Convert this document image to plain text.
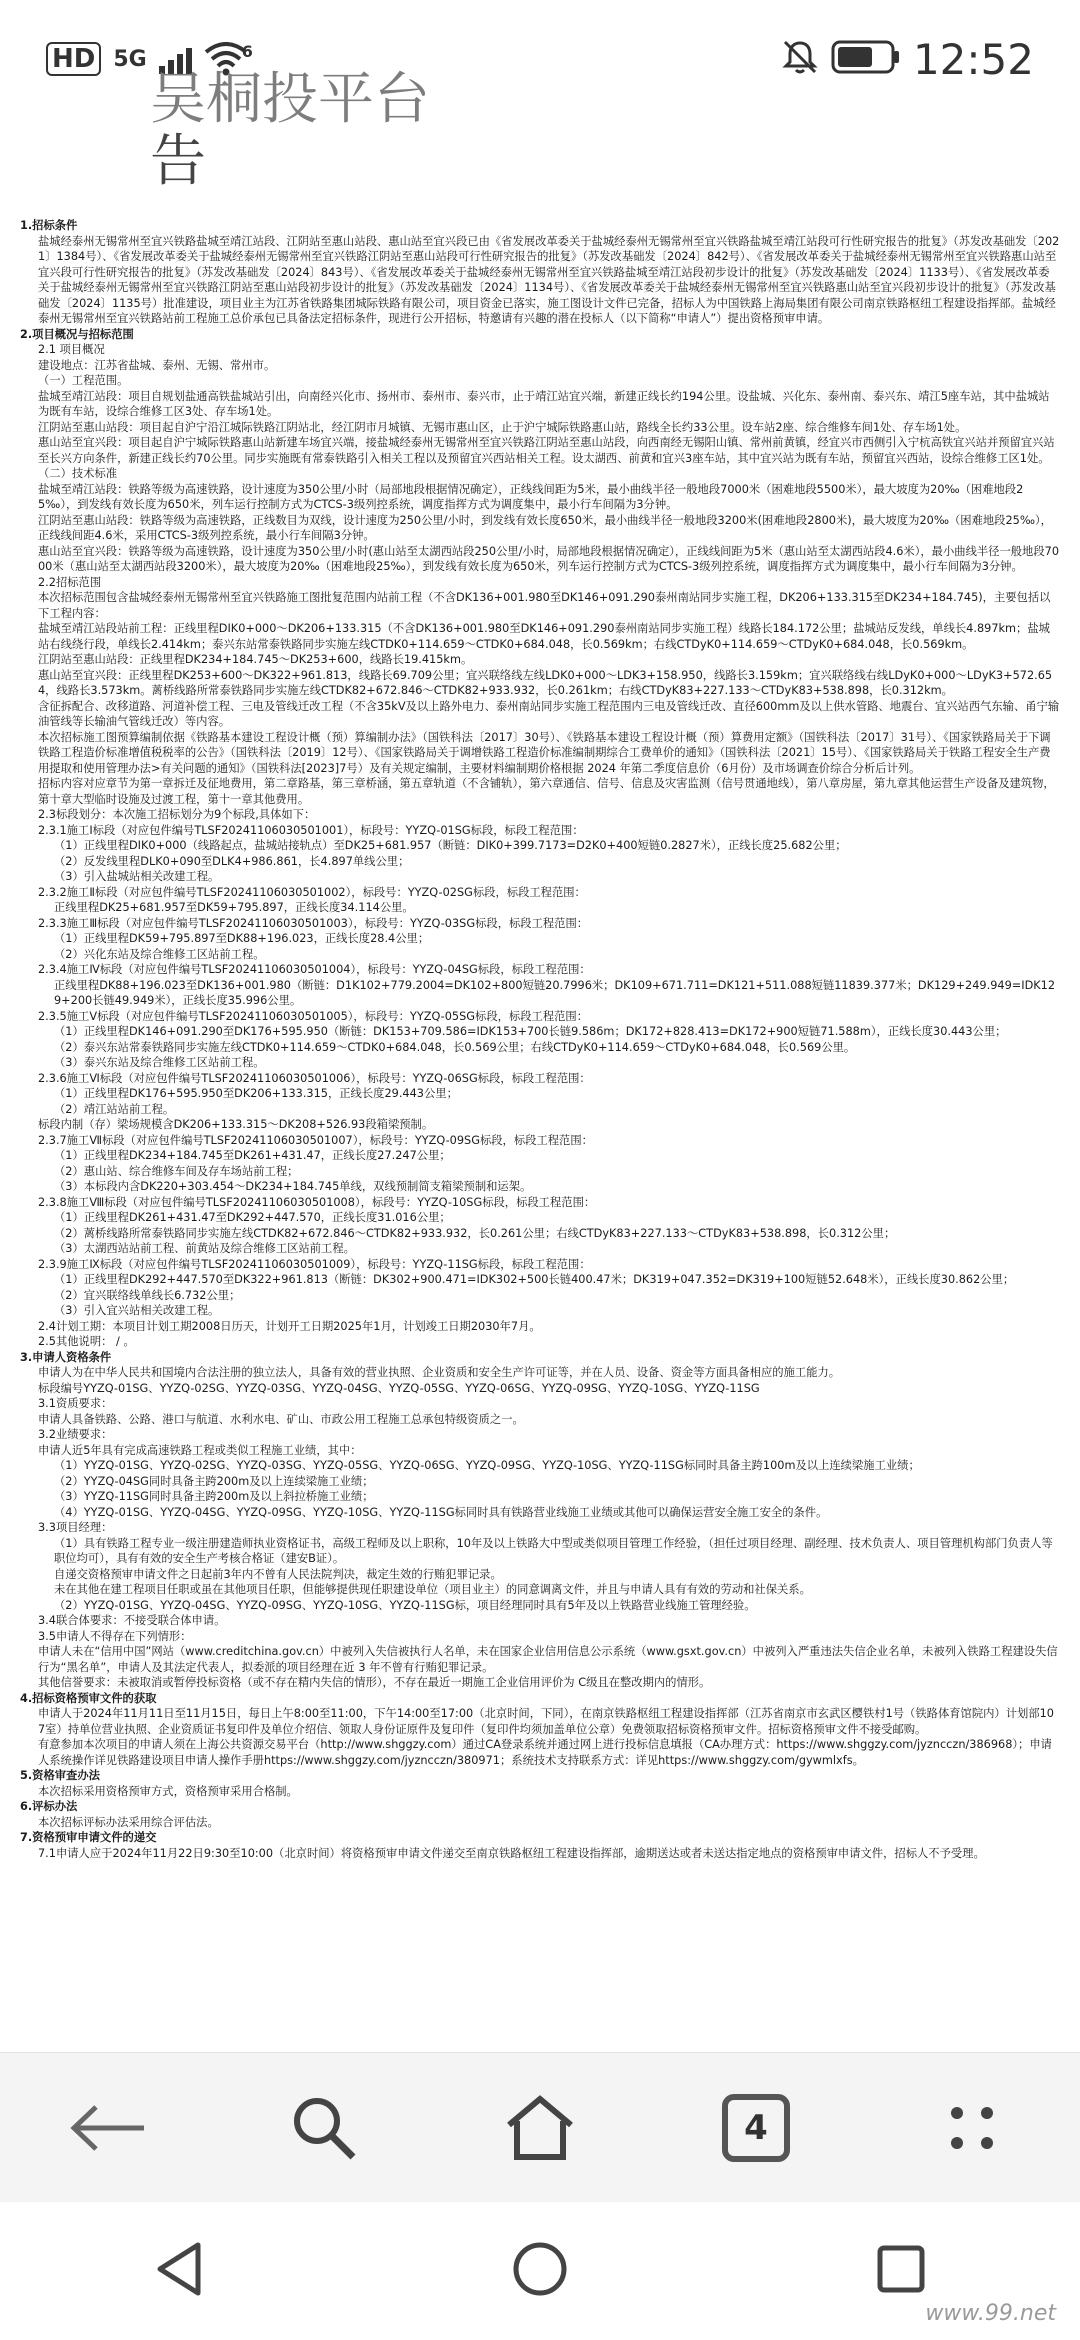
HD 5G	6	12:52
吴桐投平台
告

1.招标条件

盐城经泰州无锡常州至宜兴铁路盐城至靖江站段、江阴站至惠山站段、惠山站至宜兴段已由《省发展改革委关于盐城经泰州无锡常州至宜兴铁路盐城至靖江站段可行性研究报告的批复》（苏发改基础发〔2021〕1384号）、《省发展改革委关于盐城经泰州无锡常州至宜兴铁路江阴站至惠山站段可行性研究报告的批复》（苏发改基础发〔2024〕842号）、《省发展改革委关于盐城经泰州无锡常州至宜兴铁路惠山站至宜兴段可行性研究报告的批复》（苏发改基础发〔2024〕843号）、《省发展改革委关于盐城经泰州无锡常州至宜兴铁路盐城至靖江站段初步设计的批复》（苏发改基础发〔2024〕1133号）、《省发展改革委关于盐城经泰州无锡常州至宜兴铁路江阴站至惠山站段初步设计的批复》（苏发改基础发〔2024〕1134号）、《省发展改革委关于盐城经泰州无锡常州至宜兴铁路惠山站至宜兴段初步设计的批复》（苏发改基础发〔2024〕1135号）批准建设，项目业主为江苏省铁路集团城际铁路有限公司，项目资金已落实，施工图设计文件已完备，招标人为中国铁路上海局集团有限公司南京铁路枢纽工程建设指挥部。盐城经泰州无锡常州至宜兴铁路站前工程施工总价承包已具备法定招标条件，现进行公开招标，特邀请有兴趣的潜在投标人（以下简称“申请人”）提出资格预审申请。

2.项目概况与招标范围

2.1 项目概况

建设地点：江苏省盐城、泰州、无锡、常州市。

（一）工程范围。

盐城至靖江站段：项目自规划盐通高铁盐城站引出，向南经兴化市、扬州市、泰州市、泰兴市，止于靖江站宜兴端，新建正线长约194公里。设盐城、兴化东、泰州南、泰兴东、靖江5座车站，其中盐城站为既有车站，设综合维修工区3处、存车场1处。

江阴站至惠山站段：项目起自沪宁沿江城际铁路江阴站北，经江阴市月城镇、无锡市惠山区，止于沪宁城际铁路惠山站，路线全长约33公里。设车站2座、综合维修车间1处、存车场1处。

惠山站至宜兴段：项目起自沪宁城际铁路惠山站新建车场宜兴端，接盐城经泰州无锡常州至宜兴铁路江阴站至惠山站段，向西南经无锡阳山镇、常州前黄镇，经宜兴市西侧引入宁杭高铁宜兴站并预留宜兴站至长兴方向条件，新建正线长约70公里。同步实施既有常泰铁路引入相关工程以及预留宜兴西站相关工程。设太湖西、前黄和宜兴3座车站，其中宜兴站为既有车站，预留宜兴西站，设综合维修工区1处。

（二）技术标准

盐城至靖江站段：铁路等级为高速铁路，设计速度为350公里/小时（局部地段根据情况确定），正线线间距为5米，最小曲线半径一般地段7000米（困难地段5500米），最大坡度为20‰（困难地段25‰），到发线有效长度为650米，列车运行控制方式为CTCS-3级列控系统，调度指挥方式为调度集中，最小行车间隔为3分钟。

江阴站至惠山站段：铁路等级为高速铁路，正线数目为双线，设计速度为250公里/小时，到发线有效长度650米，最小曲线半径一般地段3200米(困难地段2800米)，最大坡度为20‰（困难地段25‰），正线线间距4.6米，采用CTCS-3级列控系统，最小行车间隔3分钟。

惠山站至宜兴段：铁路等级为高速铁路，设计速度为350公里/小时(惠山站至太湖西站段250公里/小时，局部地段根据情况确定），正线线间距为5米（惠山站至太湖西站段4.6米），最小曲线半径一般地段7000米（惠山站至太湖西站段3200米），最大坡度为20‰（困难地段25‰），到发线有效长度为650米，列车运行控制方式为CTCS-3级列控系统，调度指挥方式为调度集中，最小行车间隔为3分钟。

2.2招标范围

本次招标范围包含盐城经泰州无锡常州至宜兴铁路施工图批复范围内站前工程（不含DK136+001.980至DK146+091.290泰州南站同步实施工程，DK206+133.315至DK234+184.745)，主要包括以下工程内容：

盐城至靖江站段站前工程：正线里程DIK0+000～DK206+133.315（不含DK136+001.980至DK146+091.290泰州南站同步实施工程）线路长184.172公里；盐城站反发线，单线长4.897km；盐城站右线绕行段，单线长2.414km；泰兴东站常泰铁路同步实施左线CTDK0+114.659～CTDK0+684.048，长0.569km；右线CTDyK0+114.659～CTDyK0+684.048，长0.569km。

江阴站至惠山站段：正线里程DK234+184.745～DK253+600，线路长19.415km。

惠山站至宜兴段：正线里程DK253+600～DK322+961.813，线路长69.709公里；宜兴联络线左线LDK0+000～LDK3+158.950，线路长3.159km；宜兴联络线右线LDyK0+000～LDyK3+572.654，线路长3.573km。蓠桥线路所常泰铁路同步实施左线CTDK82+672.846～CTDK82+933.932，长0.261km；右线CTDyK83+227.133～CTDyK83+538.898，长0.312km。

含征拆配合、改移道路、河道补偿工程、三电及管线迁改工程（不含35kV及以上路外电力、泰州南站同步实施工程范围内三电及管线迁改、直径600mm及以上供水管路、地震台、宜兴站西气东输、甬宁输油管线等长输油气管线迁改）等内容。

本次招标施工图预算编制依据《铁路基本建设工程设计概（预）算编制办法》（国铁科法〔2017〕30号）、《铁路基本建设工程设计概（预）算费用定额》（国铁科法〔2017〕31号）、《国家铁路局关于下调铁路工程造价标准增值税税率的公告》（国铁科法〔2019〕12号）、《国家铁路局关于调增铁路工程造价标准编制期综合工费单价的通知》（国铁科法〔2021〕15号）、《国家铁路局关于铁路工程安全生产费用提取和使用管理办法>有关问题的通知》（国铁科法[2023]7号）及有关规定编制，主要材料编制期价格根据 2024 年第二季度信息价（6月份）及市场调查价综合分析后计列。

招标内容对应章节为第一章拆迁及征地费用，第二章路基，第三章桥涵，第五章轨道（不含铺轨），第六章通信、信号、信息及灾害监测（信号贯通地线），第八章房屋，第九章其他运营生产设备及建筑物，第十章大型临时设施及过渡工程，第十一章其他费用。

2.3标段划分：本次施工招标划分为9个标段,具体如下：

2.3.1施工Ⅰ标段（对应包件编号TLSF20241106030501001），标段号：YYZQ-01SG标段，标段工程范围：

（1）正线里程DIK0+000（线路起点，盐城站接轨点）至DK25+681.957（断链：DIK0+399.7173=D2K0+400短链0.2827米），正线长度25.682公里；

（2）反发线里程DLK0+090至DLK4+986.861，长4.897单线公里；

（3）引入盐城站相关改建工程。

2.3.2施工Ⅱ标段（对应包件编号TLSF20241106030501002），标段号：YYZQ-02SG标段，标段工程范围：

正线里程DK25+681.957至DK59+795.897，正线长度34.114公里。

2.3.3施工Ⅲ标段（对应包件编号TLSF20241106030501003），标段号：YYZQ-03SG标段，标段工程范围：

（1）正线里程DK59+795.897至DK88+196.023，正线长度28.4公里；

（2）兴化东站及综合维修工区站前工程。

2.3.4施工Ⅳ标段（对应包件编号TLSF20241106030501004），标段号：YYZQ-04SG标段，标段工程范围：

正线里程DK88+196.023至DK136+001.980（断链：D1K102+779.2004=DK102+800短链20.7996米；DK109+671.711=DK121+511.088短链11839.377米；DK129+249.949=IDK129+200长链49.949米），正线长度35.996公里。

2.3.5施工Ⅴ标段（对应包件编号TLSF20241106030501005），标段号：YYZQ-05SG标段，标段工程范围：

（1）正线里程DK146+091.290至DK176+595.950（断链：DK153+709.586=IDK153+700长链9.586m；DK172+828.413=DK172+900短链71.588m），正线长度30.443公里；

（2）泰兴东站常泰铁路同步实施左线CTDK0+114.659～CTDK0+684.048，长0.569公里；右线CTDyK0+114.659～CTDyK0+684.048，长0.569公里。

（3）泰兴东站及综合维修工区站前工程。

2.3.6施工Ⅵ标段（对应包件编号TLSF20241106030501006），标段号：YYZQ-06SG标段，标段工程范围：

（1）正线里程DK176+595.950至DK206+133.315，正线长度29.443公里；

（2）靖江站站前工程。

标段内制（存）梁场规模含DK206+133.315～DK208+526.93段箱梁预制。

2.3.7施工Ⅶ标段（对应包件编号TLSF20241106030501007），标段号：YYZQ-09SG标段，标段工程范围：

（1）正线里程DK234+184.745至DK261+431.47，正线长度27.247公里；

（2）惠山站、综合维修车间及存车场站前工程；

（3）本标段内含DK220+303.454～DK234+184.745单线，双线预制简支箱梁预制和运架。

2.3.8施工Ⅷ标段（对应包件编号TLSF20241106030501008），标段号：YYZQ-10SG标段，标段工程范围：

（1）正线里程DK261+431.47至DK292+447.570，正线长度31.016公里；

（2）蓠桥线路所常泰铁路同步实施左线CTDK82+672.846～CTDK82+933.932，长0.261公里；右线CTDyK83+227.133～CTDyK83+538.898，长0.312公里；

（3）太湖西站站前工程、前黄站及综合维修工区站前工程。

2.3.9施工Ⅸ标段（对应包件编号TLSF20241106030501009），标段号：YYZQ-11SG标段，标段工程范围：

（1）正线里程DK292+447.570至DK322+961.813（断链：DK302+900.471=IDK302+500长链400.47米；DK319+047.352=DK319+100短链52.648米），正线长度30.862公里；

（2）宜兴联络线单线长6.732公里；

（3）引入宜兴站相关改建工程。

2.4计划工期：本项目计划工期2008日历天，计划开工日期2025年1月，计划竣工日期2030年7月。

2.5其他说明： / 。

3.申请人资格条件

申请人为在中华人民共和国境内合法注册的独立法人，具备有效的营业执照、企业资质和安全生产许可证等，并在人员、设备、资金等方面具备相应的施工能力。

标段编号YYZQ-01SG、YYZQ-02SG、YYZQ-03SG、YYZQ-04SG、YYZQ-05SG、YYZQ-06SG、YYZQ-09SG、YYZQ-10SG、YYZQ-11SG

3.1资质要求：

申请人具备铁路、公路、港口与航道、水利水电、矿山、市政公用工程施工总承包特级资质之一。

3.2业绩要求：

申请人近5年具有完成高速铁路工程或类似工程施工业绩，其中：

（1）YYZQ-01SG、YYZQ-02SG、YYZQ-03SG、YYZQ-05SG、YYZQ-06SG、YYZQ-09SG、YYZQ-10SG、YYZQ-11SG标同时具备主跨100m及以上连续梁施工业绩；

（2）YYZQ-04SG同时具备主跨200m及以上连续梁施工业绩；

（3）YYZQ-11SG同时具备主跨200m及以上斜拉桥施工业绩；

（4）YYZQ-01SG、YYZQ-04SG、YYZQ-09SG、YYZQ-10SG、YYZQ-11SG标同时具有铁路营业线施工业绩或其他可以确保运营安全施工安全的条件。

3.3项目经理：

（1）具有铁路工程专业一级注册建造师执业资格证书，高级工程师及以上职称，10年及以上铁路大中型或类似项目管理工作经验，（担任过项目经理、副经理、技术负责人、项目管理机构部门负责人等职位均可），具有有效的安全生产考核合格证（建安B证）。

自递交资格预审申请文件之日起前3年内不曾有人民法院判决，裁定生效的行贿犯罪记录。

未在其他在建工程项目任职或虽在其他项目任职，但能够提供现任职建设单位（项目业主）的同意调离文件，并且与申请人具有有效的劳动和社保关系。

（2）YYZQ-01SG、YYZQ-04SG、YYZQ-09SG、YYZQ-10SG、YYZQ-11SG标，项目经理同时具有5年及以上铁路营业线施工管理经验。

3.4联合体要求：不接受联合体申请。

3.5申请人不得存在下列情形：

申请人未在“信用中国”网站（www.creditchina.gov.cn）中被列入失信被执行人名单，未在国家企业信用信息公示系统（www.gsxt.gov.cn）中被列入严重违法失信企业名单，未被列入铁路工程建设失信行为“黑名单”，申请人及其法定代表人，拟委派的项目经理在近 3 年不曾有行贿犯罪记录。

其他信誉要求：未被取消或暂停投标资格（或不存在精内失信的情形），不存在最近一期施工企业信用评价为 C级且在整改期内的情形。

4.招标资格预审文件的获取

申请人于2024年11月11日至11月15日，每日上午8:00至11:00，下午14:00至17:00（北京时间，下同），在南京铁路枢纽工程建设指挥部（江苏省南京市玄武区樱铁村1号（铁路体育馆院内）计划部107室）持单位营业执照、企业资质证书复印件及单位介绍信、领取人身份证原件及复印件（复印件均须加盖单位公章）免费领取招标资格预审文件。招标资格预审文件不接受邮购。

有意参加本次项目的申请人须在上海公共资源交易平台（http://www.shggzy.com）通过CA登录系统并通过网上进行投标信息填报（CA办理方式：https://www.shggzy.com/jyzncczn/386968）；申请人系统操作详见铁路建设项目申请人操作手册https://www.shggzy.com/jyzncczn/380971；系统技术支持联系方式：详见https://www.shggzy.com/gywmlxfs。

5.资格审查办法

本次招标采用资格预审方式，资格预审采用合格制。

6.评标办法

本次招标评标办法采用综合评估法。

7.资格预审申请文件的递交

7.1申请人应于2024年11月22日9:30至10:00（北京时间）将资格预审申请文件递交至南京铁路枢纽工程建设指挥部，逾期送达或者未送达指定地点的资格预审申请文件，招标人不予受理。

4
www.99.net
